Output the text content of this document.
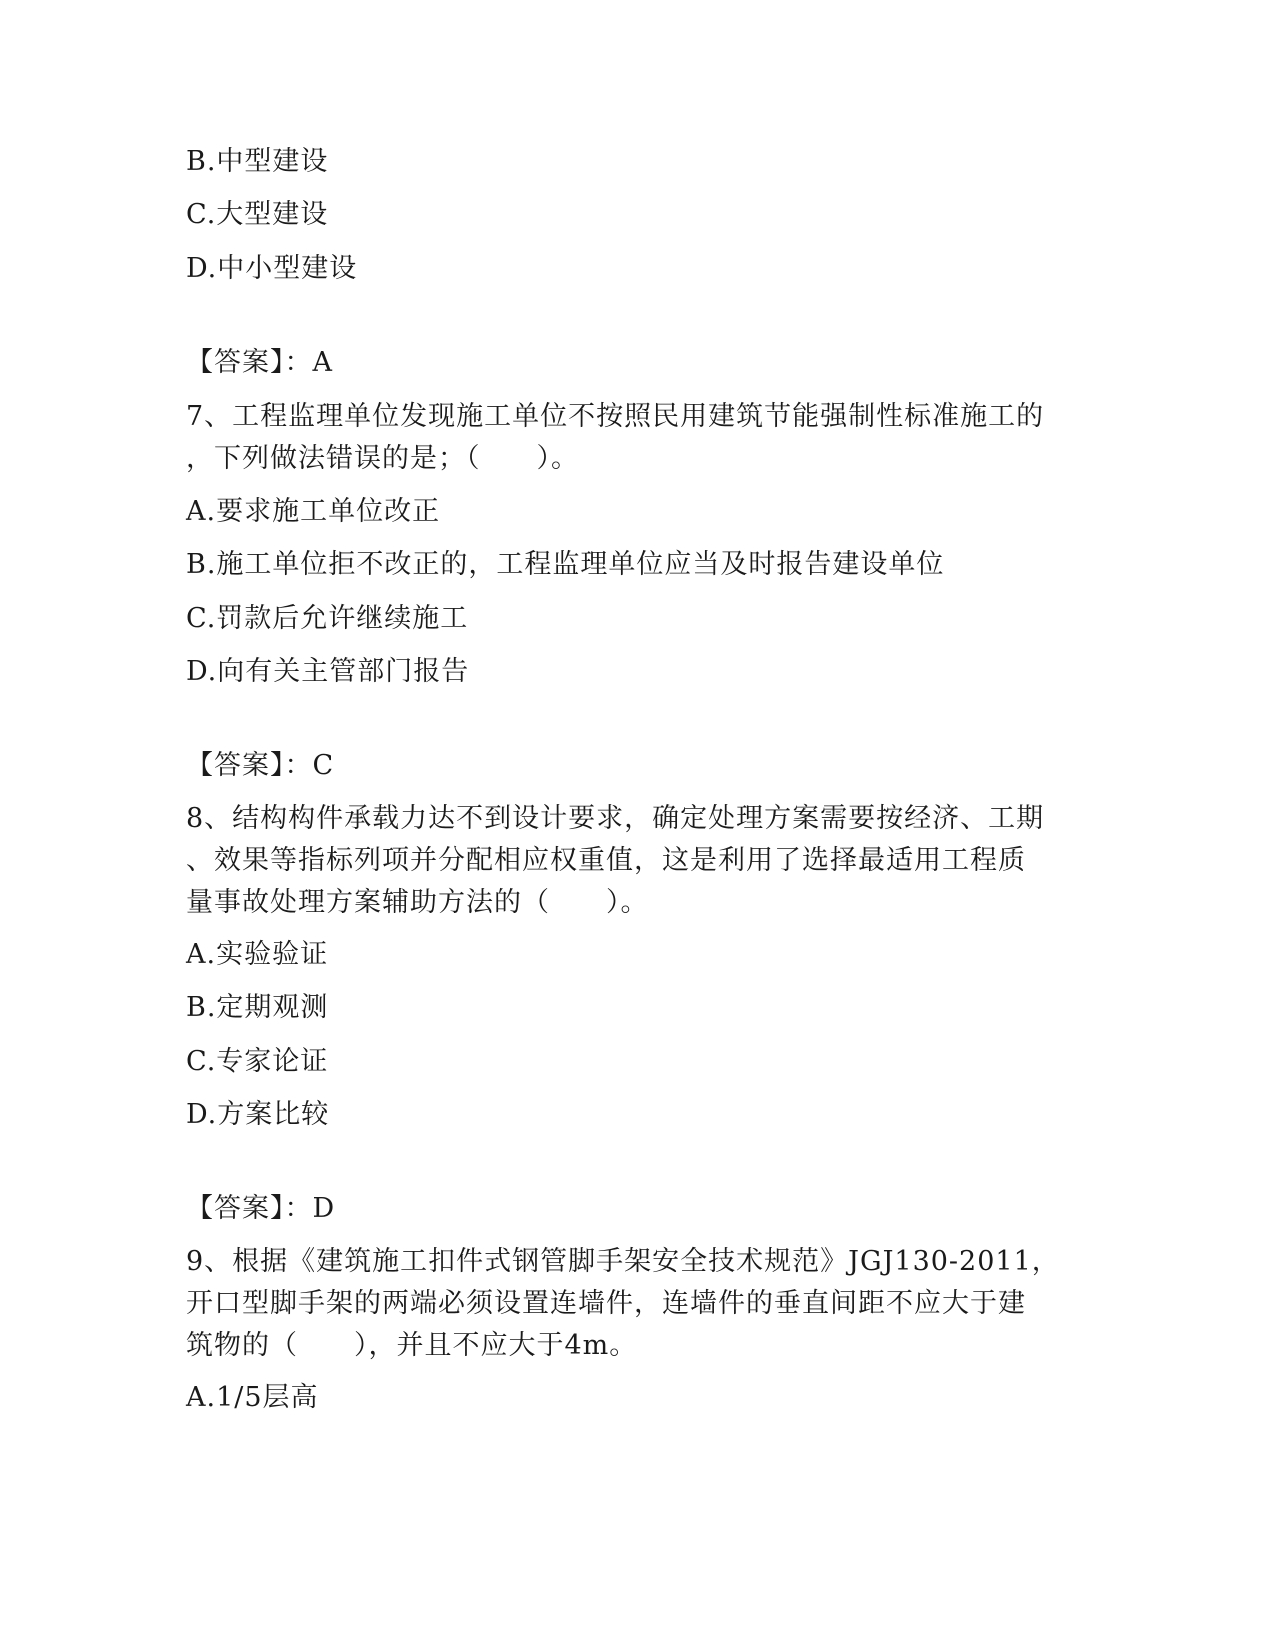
B.中型建设
C.大型建设
D.中小型建设
【答案】：A
7、工程监理单位发现施工单位不按照民用建筑节能强制性标准施工的
，下列做法错误的是；（　　）。
A.要求施工单位改正
B.施工单位拒不改正的，工程监理单位应当及时报告建设单位
C.罚款后允许继续施工
D.向有关主管部门报告
【答案】：C
8、结构构件承载力达不到设计要求，确定处理方案需要按经济、工期
、效果等指标列项并分配相应权重值，这是利用了选择最适用工程质
量事故处理方案辅助方法的（　　）。
A.实验验证
B.定期观测
C.专家论证
D.方案比较
【答案】：D
9、根据《建筑施工扣件式钢管脚手架安全技术规范》JGJ130-2011，
开口型脚手架的两端必须设置连墙件，连墙件的垂直间距不应大于建
筑物的（　　），并且不应大于4m。
A.1/5层高
